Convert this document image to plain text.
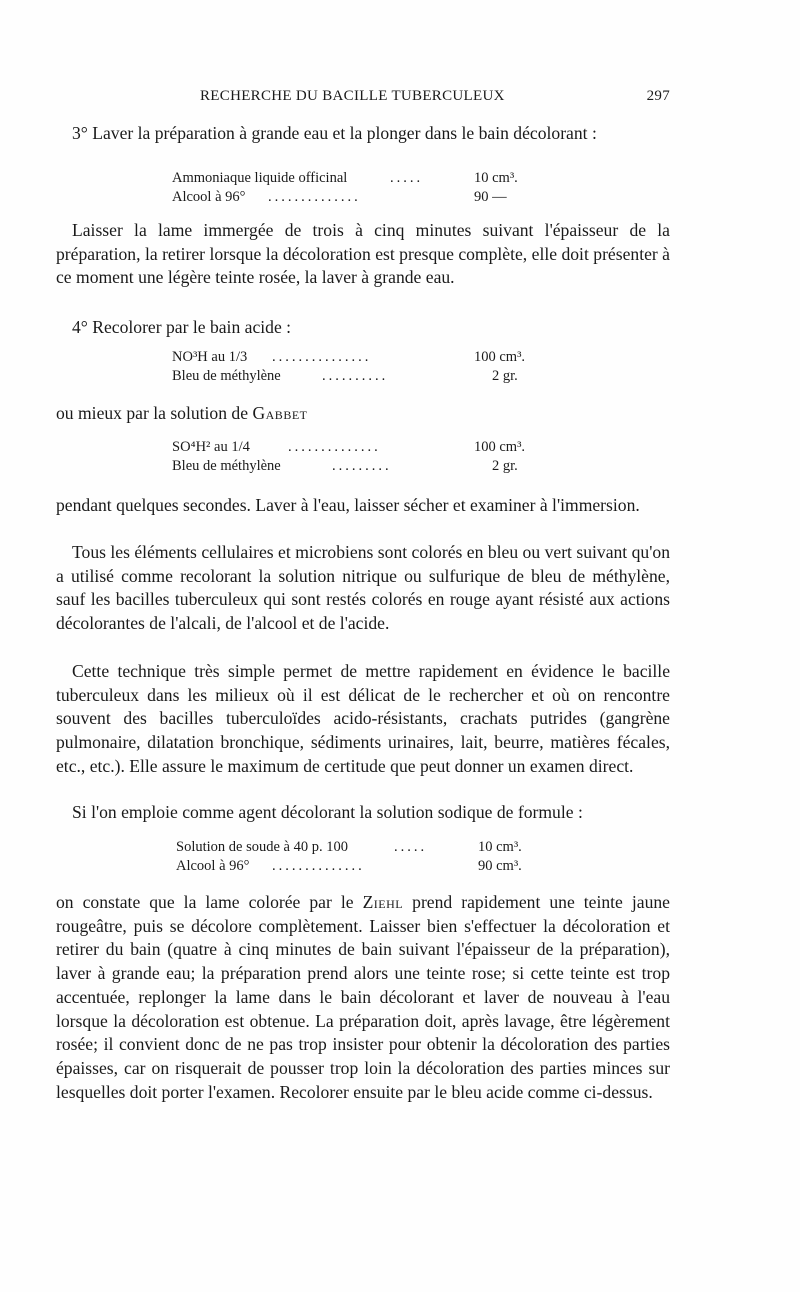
RECHERCHE DU BACILLE TUBERCULEUX	297

3° Laver la préparation à grande eau et la plonger dans le bain décolorant :

Ammoniaque liquide officinal	.....	10 cm³.
Alcool à 96° ..............	90 —

Laisser la lame immergée de trois à cinq minutes suivant l'épaisseur de la préparation, la retirer lorsque la décoloration est presque complète, elle doit présenter à ce moment une légère teinte rosée, la laver à grande eau.

4° Recolorer par le bain acide :

NO³H au 1/3 ...............	100 cm³.
Bleu de méthylène	..........	2 gr.

ou mieux par la solution de Gabbet

SO⁴H² au 1/4	..............	100 cm³.
Bleu de méthylène	.........	2 gr.

pendant quelques secondes. Laver à l'eau, laisser sécher et examiner à l'immersion.

Tous les éléments cellulaires et microbiens sont colorés en bleu ou vert suivant qu'on a utilisé comme recolorant la solution nitrique ou sulfurique de bleu de méthylène, sauf les bacilles tuberculeux qui sont restés colorés en rouge ayant résisté aux actions décolorantes de l'alcali, de l'alcool et de l'acide.

Cette technique très simple permet de mettre rapidement en évidence le bacille tuberculeux dans les milieux où il est délicat de le rechercher et où on rencontre souvent des bacilles tuberculoïdes acido-résistants, crachats putrides (gangrène pulmonaire, dilatation bronchique, sédiments urinaires, lait, beurre, matières fécales, etc., etc.). Elle assure le maximum de certitude que peut donner un examen direct.

Si l'on emploie comme agent décolorant la solution sodique de formule :

Solution de soude à 40 p. 100	.....	10 cm³.
Alcool à 96° ..............	90 cm³.

on constate que la lame colorée par le Ziehl prend rapidement une teinte jaune rougeâtre, puis se décolore complètement. Laisser bien s'effectuer la décoloration et retirer du bain (quatre à cinq minutes de bain suivant l'épaisseur de la préparation), laver à grande eau; la préparation prend alors une teinte rose; si cette teinte est trop accentuée, replonger la lame dans le bain décolorant et laver de nouveau à l'eau lorsque la décoloration est obtenue. La préparation doit, après lavage, être légèrement rosée; il convient donc de ne pas trop insister pour obtenir la décoloration des parties épaisses, car on risquerait de pousser trop loin la décoloration des parties minces sur lesquelles doit porter l'examen. Recolorer ensuite par le bleu acide comme ci-dessus.
